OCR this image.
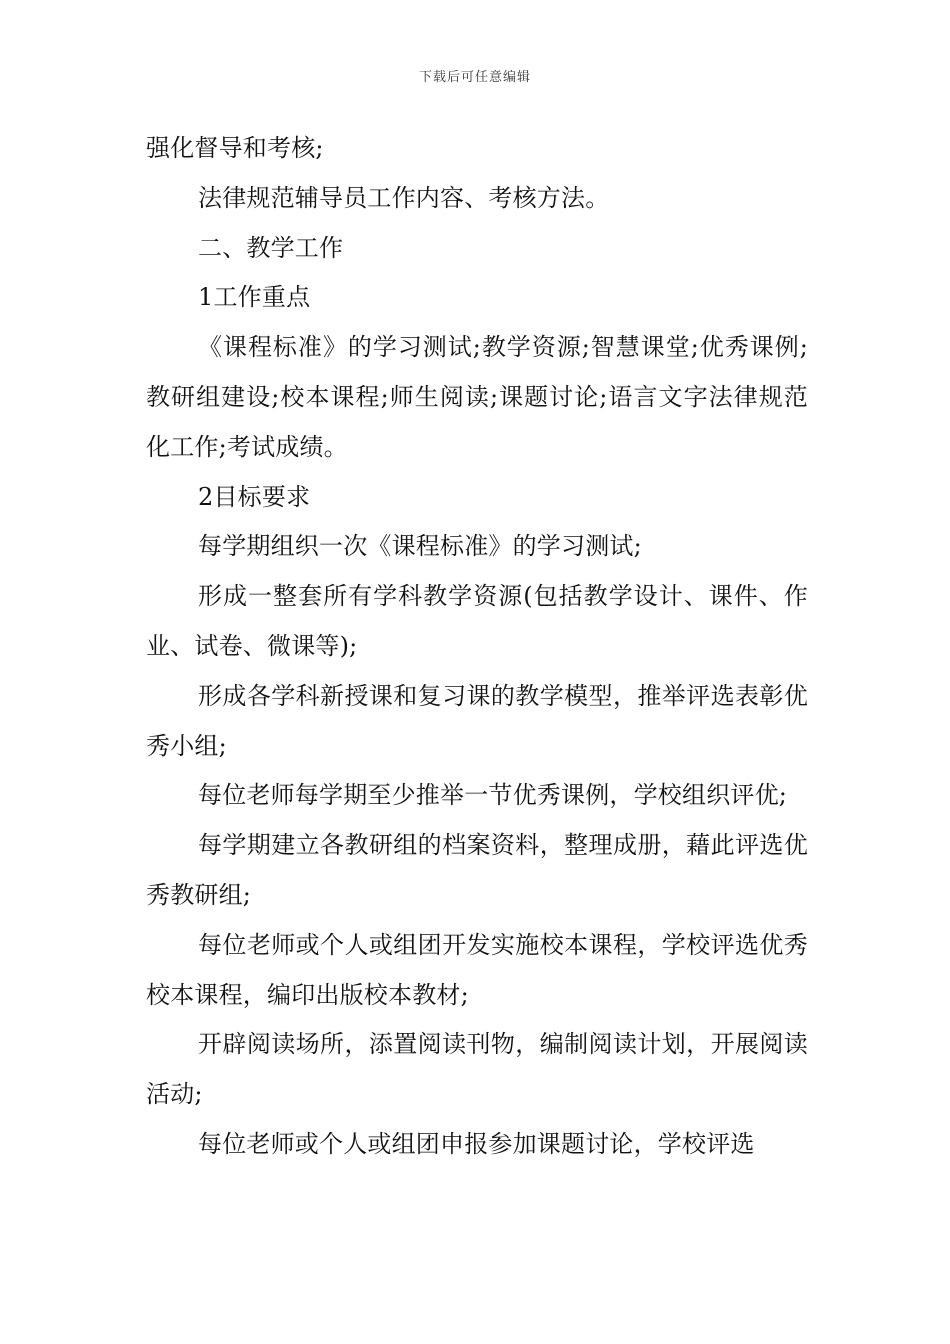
下载后可任意编辑

强化督导和考核;

法律规范辅导员工作内容、考核方法。

二、教学工作

1工作重点

《课程标准》的学习测试;教学资源;智慧课堂;优秀课例;教研组建设;校本课程;师生阅读;课题讨论;语言文字法律规范化工作;考试成绩。

2目标要求

每学期组织一次《课程标准》的学习测试;

形成一整套所有学科教学资源(包括教学设计、课件、作业、试卷、微课等);

形成各学科新授课和复习课的教学模型，推举评选表彰优秀小组;

每位老师每学期至少推举一节优秀课例，学校组织评优;

每学期建立各教研组的档案资料，整理成册，藉此评选优秀教研组;

每位老师或个人或组团开发实施校本课程，学校评选优秀校本课程，编印出版校本教材;

开辟阅读场所，添置阅读刊物，编制阅读计划，开展阅读活动;

每位老师或个人或组团申报参加课题讨论，学校评选
